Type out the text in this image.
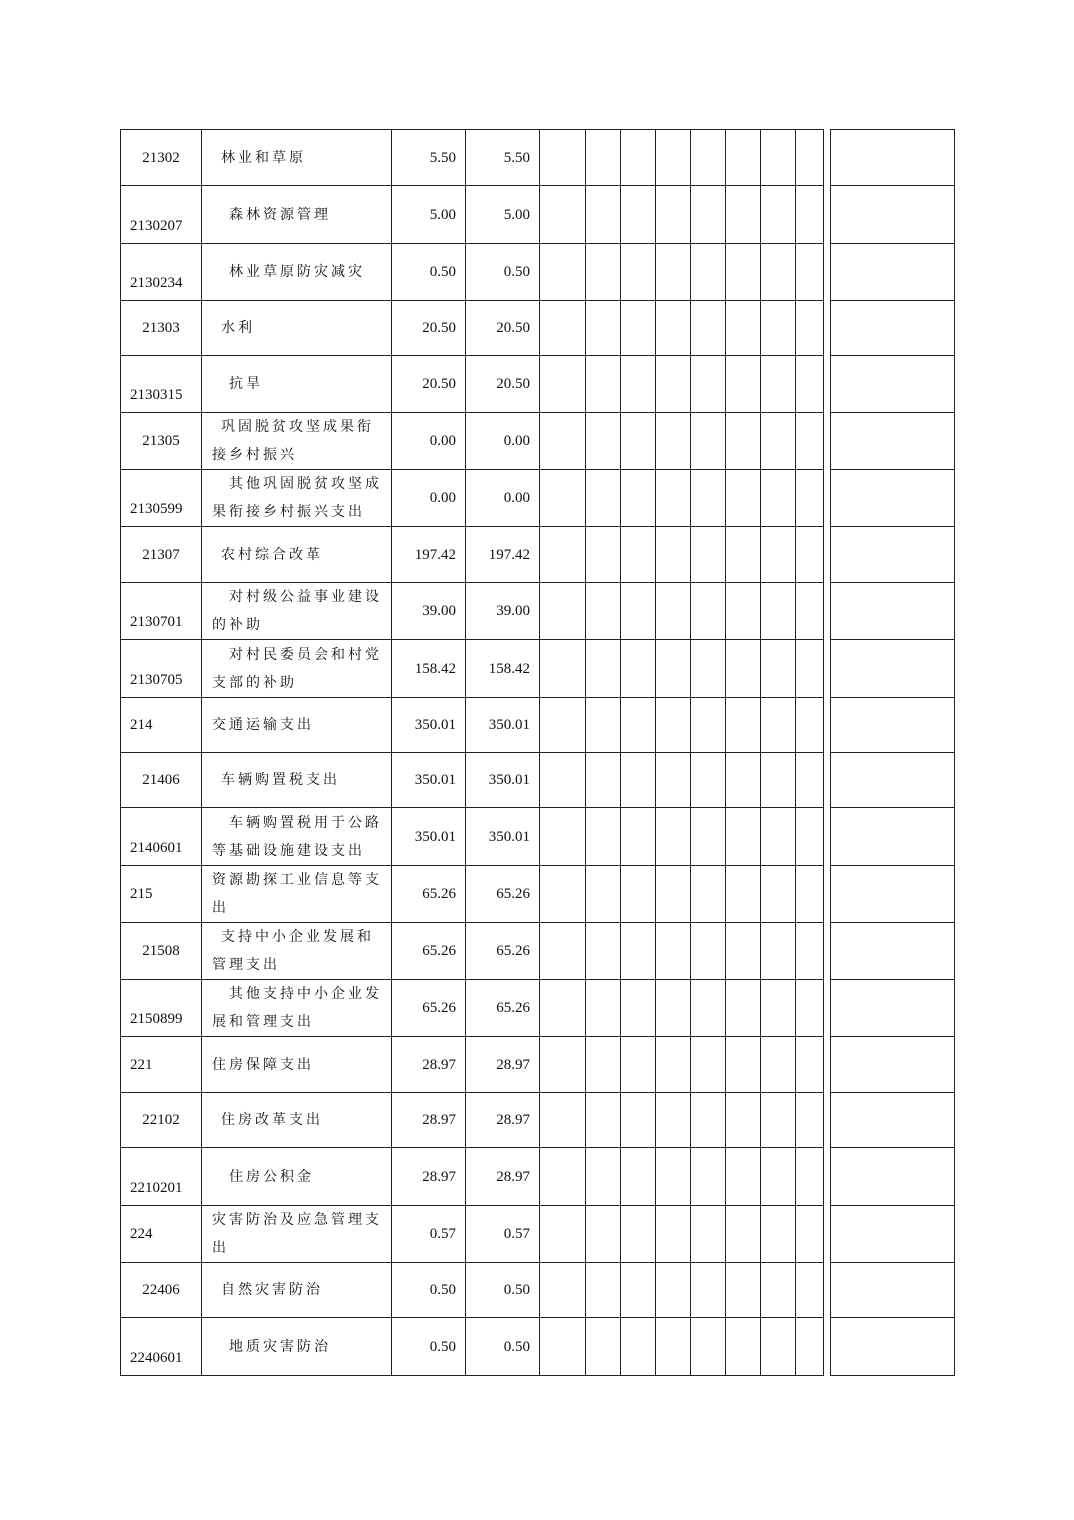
21302	林业和草原	5.50	5.50										
2130207	森林资源管理	5.00	5.00										
2130234	林业草原防灾减灾	0.50	0.50										
21303	水利	20.50	20.50										
2130315	抗旱	20.50	20.50										
21305	巩固脱贫攻坚成果衔接乡村振兴	0.00	0.00										
2130599	其他巩固脱贫攻坚成果衔接乡村振兴支出	0.00	0.00										
21307	农村综合改革	197.42	197.42										
2130701	对村级公益事业建设的补助	39.00	39.00										
2130705	对村民委员会和村党支部的补助	158.42	158.42										
214	交通运输支出	350.01	350.01										
21406	车辆购置税支出	350.01	350.01										
2140601	车辆购置税用于公路等基础设施建设支出	350.01	350.01										
215	资源勘探工业信息等支出	65.26	65.26										
21508	支持中小企业发展和管理支出	65.26	65.26										
2150899	其他支持中小企业发展和管理支出	65.26	65.26										
221	住房保障支出	28.97	28.97										
22102	住房改革支出	28.97	28.97										
2210201	住房公积金	28.97	28.97										
224	灾害防治及应急管理支出	0.57	0.57										
22406	自然灾害防治	0.50	0.50										
2240601	地质灾害防治	0.50	0.50										
